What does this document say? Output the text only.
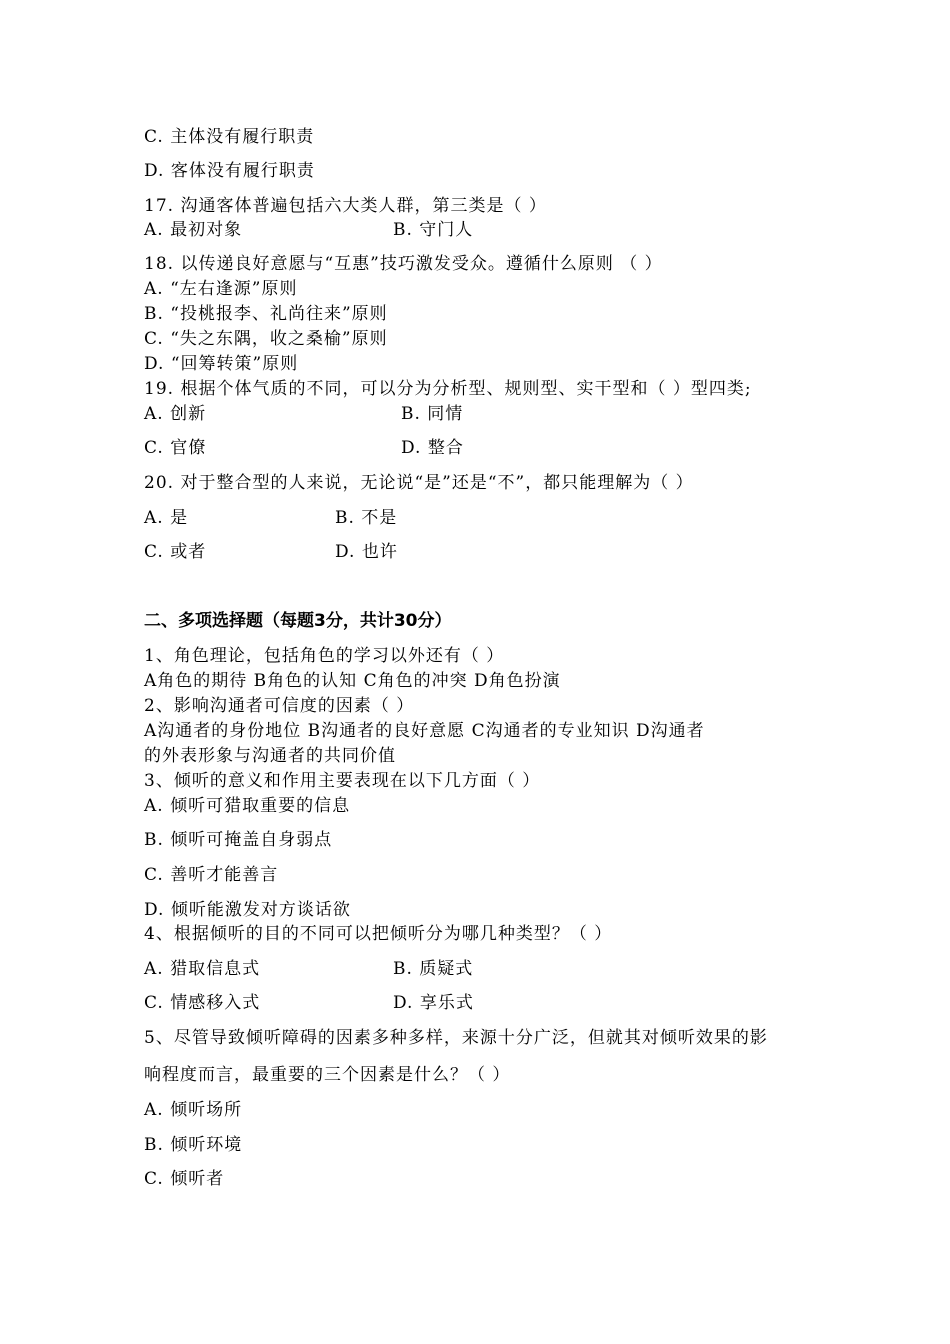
C. 主体没有履行职责
D. 客体没有履行职责
17. 沟通客体普遍包括六大类人群，第三类是（ ）
A. 最初对象	B. 守门人
18. 以传递良好意愿与“互惠”技巧激发受众。遵循什么原则 （ ）
A. “左右逢源”原则
B. “投桃报李、礼尚往来”原则
C. “失之东隅，收之桑榆”原则
D. “回筹转策”原则
19. 根据个体气质的不同，可以分为分析型、规则型、实干型和（ ）型四类;
A. 创新	B. 同情
C. 官僚	D. 整合
20. 对于整合型的人来说，无论说“是”还是“不”，都只能理解为（ ）
A. 是	B. 不是
C. 或者	D. 也许
二、多项选择题（每题3分，共计30分）
1、角色理论，包括角色的学习以外还有（ ）
A角色的期待 B角色的认知 C角色的冲突 D角色扮演
2、影响沟通者可信度的因素（ ）
A沟通者的身份地位 B沟通者的良好意愿 C沟通者的专业知识 D沟通者
的外表形象与沟通者的共同价值
3、倾听的意义和作用主要表现在以下几方面（ ）
A. 倾听可猎取重要的信息
B. 倾听可掩盖自身弱点
C. 善听才能善言
D. 倾听能激发对方谈话欲
4、根据倾听的目的不同可以把倾听分为哪几种类型？（ ）
A. 猎取信息式	B. 质疑式
C. 情感移入式	D. 享乐式
5、尽管导致倾听障碍的因素多种多样，来源十分广泛，但就其对倾听效果的影
响程度而言，最重要的三个因素是什么？（ ）
A. 倾听场所
B. 倾听环境
C. 倾听者
